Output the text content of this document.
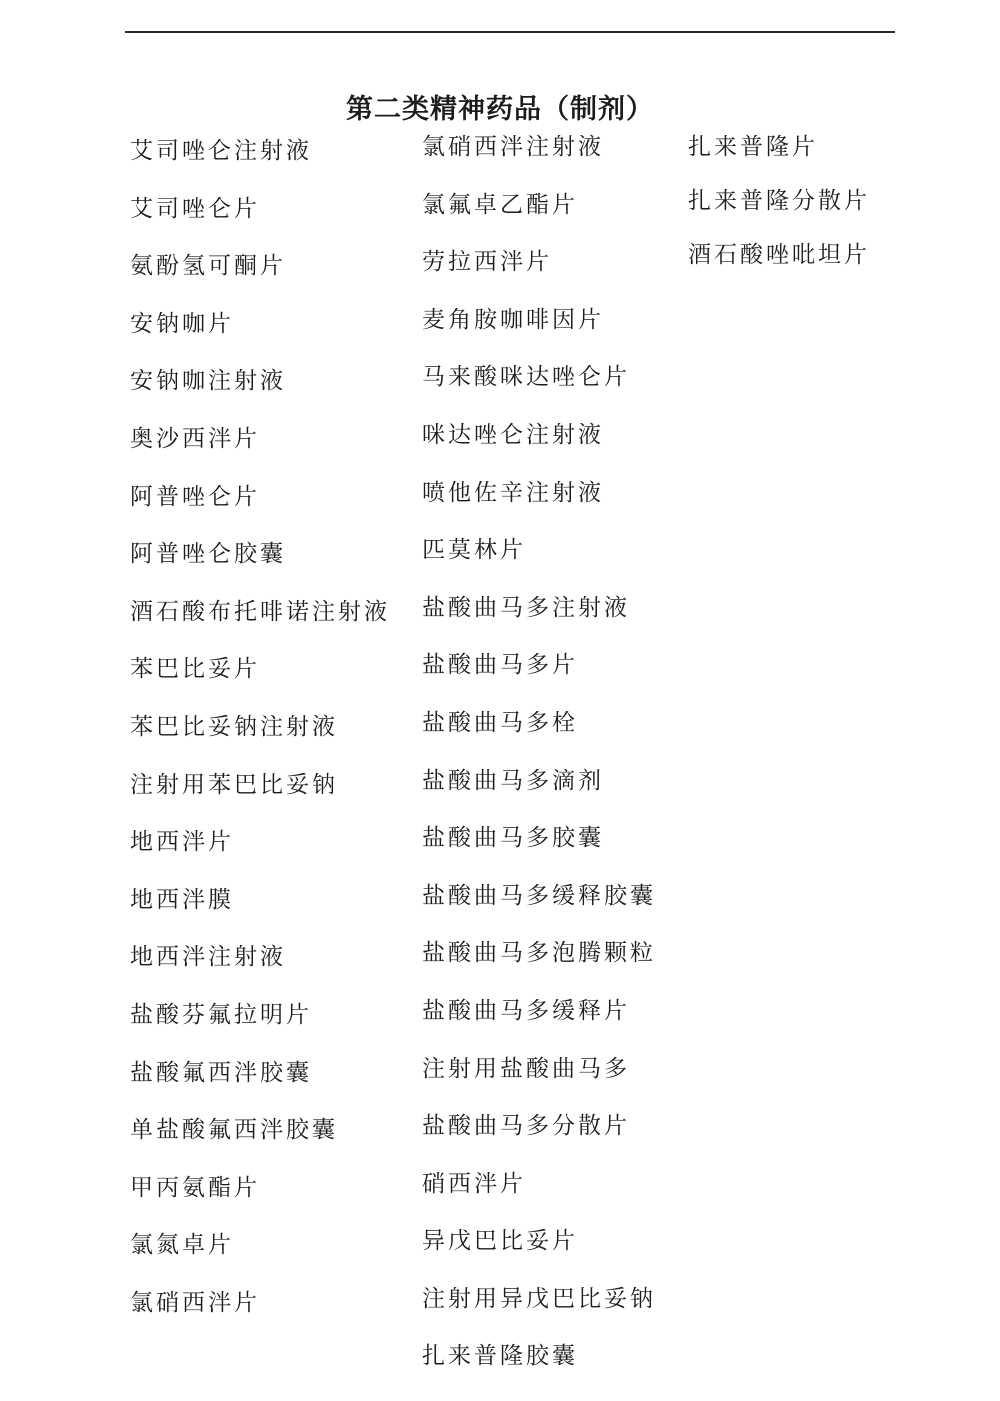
第二类精神药品（制剂）
艾司唑仑注射液
艾司唑仑片
氨酚氢可酮片
安钠咖片
安钠咖注射液
奥沙西泮片
阿普唑仑片
阿普唑仑胶囊
酒石酸布托啡诺注射液
苯巴比妥片
苯巴比妥钠注射液
注射用苯巴比妥钠
地西泮片
地西泮膜
地西泮注射液
盐酸芬氟拉明片
盐酸氟西泮胶囊
单盐酸氟西泮胶囊
甲丙氨酯片
氯氮卓片
氯硝西泮片
氯硝西泮注射液
氯氟卓乙酯片
劳拉西泮片
麦角胺咖啡因片
马来酸咪达唑仑片
咪达唑仑注射液
喷他佐辛注射液
匹莫林片
盐酸曲马多注射液
盐酸曲马多片
盐酸曲马多栓
盐酸曲马多滴剂
盐酸曲马多胶囊
盐酸曲马多缓释胶囊
盐酸曲马多泡腾颗粒
盐酸曲马多缓释片
注射用盐酸曲马多
盐酸曲马多分散片
硝西泮片
异戊巴比妥片
注射用异戊巴比妥钠
扎来普隆胶囊
扎来普隆片
扎来普隆分散片
酒石酸唑吡坦片
